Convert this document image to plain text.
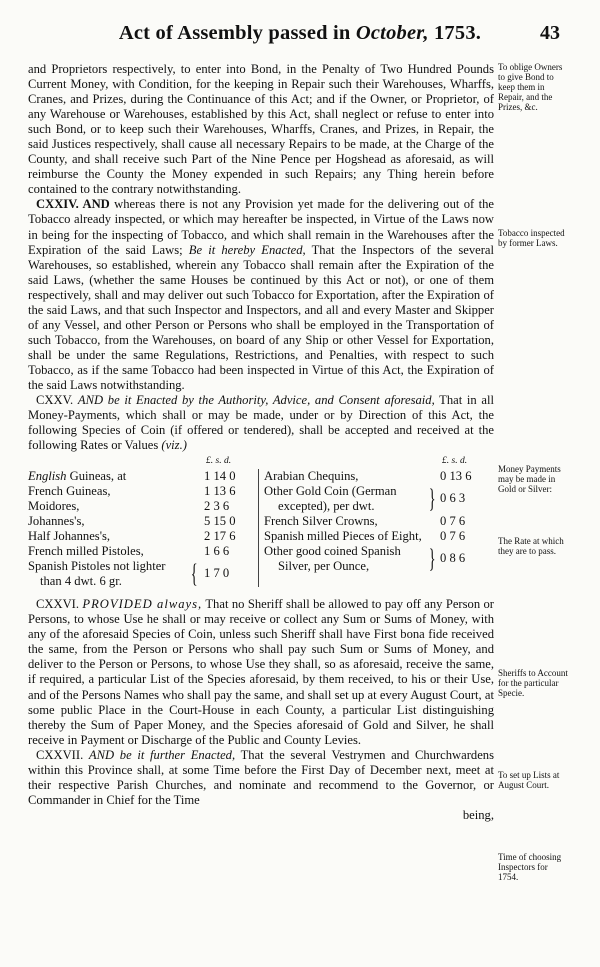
Act of Assembly passed in October, 1753.	43

and Proprietors respectively, to enter into Bond, in the Penalty of Two Hundred Pounds Current Money, with Condition, for the keeping in Repair such their Warehouses, Wharffs, Cranes, and Prizes, during the Continuance of this Act; and if the Owner, or Proprietor, of any Warehouse or Warehouses, established by this Act, shall neglect or refuse to enter into such Bond, or to keep such their Warehouses, Wharffs, Cranes, and Prizes, in Repair, the said Justices respectively, shall cause all necessary Repairs to be made, at the Charge of the County, and shall receive such Part of the Nine Pence per Hogshead as aforesaid, as will reimburse the County the Money expended in such Repairs; any Thing herein before contained to the contrary notwithstanding.

CXXIV. AND whereas there is not any Provision yet made for the delivering out of the Tobacco already inspected, or which may hereafter be inspected, in Virtue of the Laws now in being for the inspecting of Tobacco, and which shall remain in the Warehouses after the Expiration of the said Laws; Be it hereby Enacted, That the Inspectors of the several Warehouses, so established, wherein any Tobacco shall remain after the Expiration of the said Laws, (whether the same Houses be continued by this Act or not), or one of them respectively, shall and may deliver out such Tobacco for Exportation, after the Expiration of the said Laws, and that such Inspector and Inspectors, and all and every Master and Skipper of any Vessel, and other Person or Persons who shall be employed in the Transportation of such Tobacco, from the Warehouses, on board of any Ship or other Vessel for Exportation, shall be under the same Regulations, Restrictions, and Penalties, with respect to such Tobacco, as if the same Tobacco had been inspected in Virtue of this Act, the Expiration of the said Laws notwithstanding.

CXXV. AND be it Enacted by the Authority, Advice, and Consent aforesaid, That in all Money-Payments, which shall or may be made, under or by Direction of this Act, the following Species of Coin (if offered or tendered), shall be accepted and received at the following Rates or Values (viz.)

£. s. d.	£. s. d.
English Guineas, at	1 14 0
French Guineas,	1 13 6
Moidores,	2 3 6
Johannes's,	5 15 0
Half Johannes's,	2 17 6
French milled Pistoles,	1 6 6
Spanish Pistoles not lighter
than 4 dwt. 6 gr.	{ 1 7 0
Arabian Chequins,	0 13 6
Other Gold Coin (German
excepted), per dwt. } 0 6 3
French Silver Crowns,	0 7 6
Spanish milled Pieces of Eight, 0 7 6
Other good coined Spanish
Silver, per Ounce, } 0 8 6

CXXVI. PROVIDED always, That no Sheriff shall be allowed to pay off any Person or Persons, to whose Use he shall or may receive or collect any Sum or Sums of Money, with any of the aforesaid Species of Coin, unless such Sheriff shall have First bona fide received the same, from the Person or Persons who shall pay such Sum or Sums of Money, and deliver to the Person or Persons, to whose Use they shall, so as aforesaid, receive the same, if required, a particular List of the Species aforesaid, by them received, to his or their Use, and of the Persons Names who shall pay the same, and shall set up at every August Court, at some public Place in the Court-House in each County, a particular List distinguishing thereby the Sum of Paper Money, and the Species aforesaid of Gold and Silver, he shall receive in Payment or Discharge of the Public and County Levies.

CXXVII. AND be it further Enacted, That the several Vestrymen and Churchwardens within this Province shall, at some Time before the First Day of December next, meet at their respective Parish Churches, and nominate and recommend to the Governor, or Commander in Chief for the Time

being,

To oblige Owners to give Bond to keep them in Repair, and the Prizes, &c.
Tobacco inspected by former Laws.
Money Payments may be made in Gold or Silver:
The Rate at which they are to pass.
Sheriffs to Account for the particular Specie.
To set up Lists at August Court.
Time of choosing Inspectors for 1754.
